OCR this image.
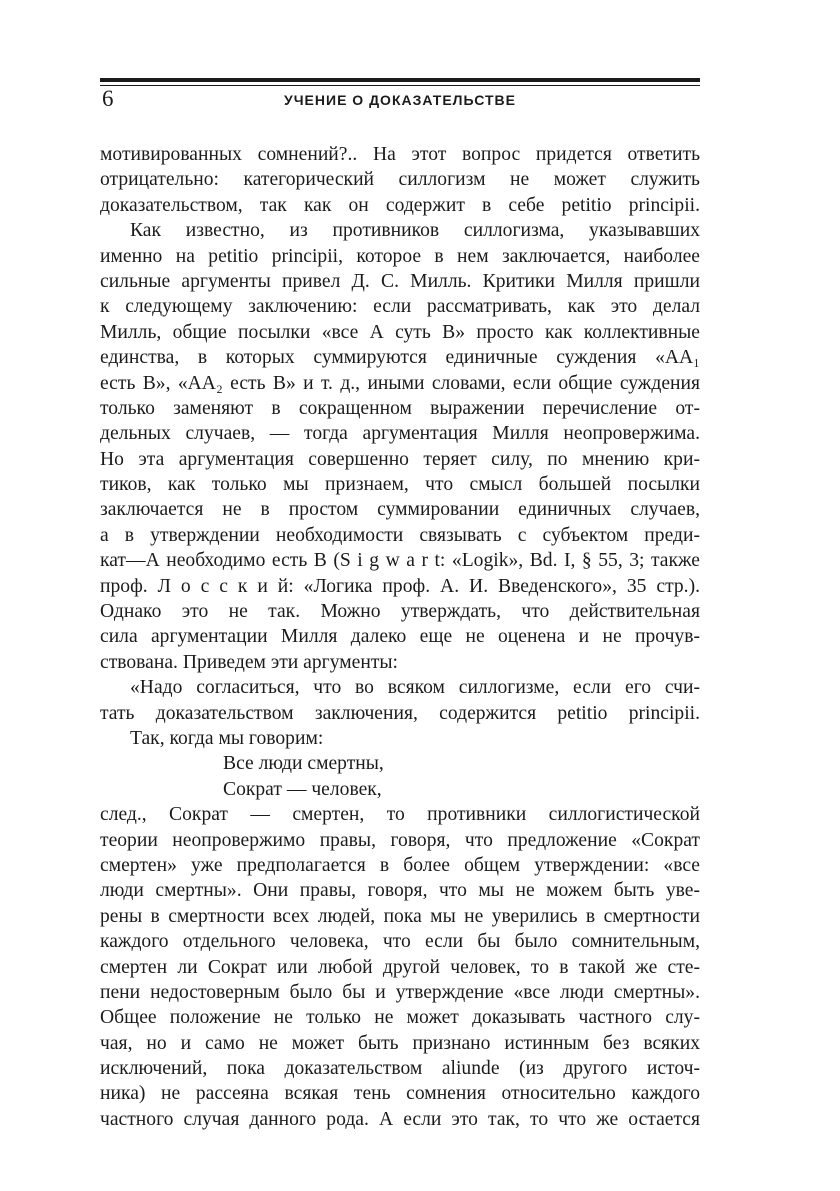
6	УЧЕНИЕ О ДОКАЗАТЕЛЬСТВЕ
мотивированных сомнений?.. На этот вопрос придется ответить
отрицательно: категорический силлогизм не может служить
доказательством, так как он содержит в себе petitio principii.
Как известно, из противников силлогизма, указывавших
именно на petitio principii, которое в нем заключается, наиболее
сильные аргументы привел Д. С. Милль. Критики Милля пришли
к следующему заключению: если рассматривать, как это делал
Милль, общие посылки «все А суть В» просто как коллективные
единства, в которых суммируются единичные суждения «AA₁
есть В», «AA₂ есть В» и т. д., иными словами, если общие суждения
только заменяют в сокращенном выражении перечисление от-
дельных случаев, — тогда аргументация Милля неопровержима.
Но эта аргументация совершенно теряет силу, по мнению кри-
тиков, как только мы признаем, что смысл большей посылки
заключается не в простом суммировании единичных случаев,
а в утверждении необходимости связывать с субъектом преди-
кат—А необходимо есть В (S i g w a r t: «Logik», Bd. I, § 55, 3; также
проф. Л о с с к и й: «Логика проф. А. И. Введенского», 35 стр.).
Однако это не так. Можно утверждать, что действительная
сила аргументации Милля далеко еще не оценена и не прочув-
ствована. Приведем эти аргументы:
«Надо согласиться, что во всяком силлогизме, если его счи-
тать доказательством заключения, содержится petitio principii.
Так, когда мы говорим:
Все люди смертны,
Сократ — человек,
след., Сократ — смертен, то противники силлогистической
теории неопровержимо правы, говоря, что предложение «Сократ
смертен» уже предполагается в более общем утверждении: «все
люди смертны». Они правы, говоря, что мы не можем быть уве-
рены в смертности всех людей, пока мы не уверились в смертности
каждого отдельного человека, что если бы было сомнительным,
смертен ли Сократ или любой другой человек, то в такой же сте-
пени недостоверным было бы и утверждение «все люди смертны».
Общее положение не только не может доказывать частного слу-
чая, но и само не может быть признано истинным без всяких
исключений, пока доказательством aliunde (из другого источ-
ника) не рассеяна всякая тень сомнения относительно каждого
частного случая данного рода. А если это так, то что же остается
